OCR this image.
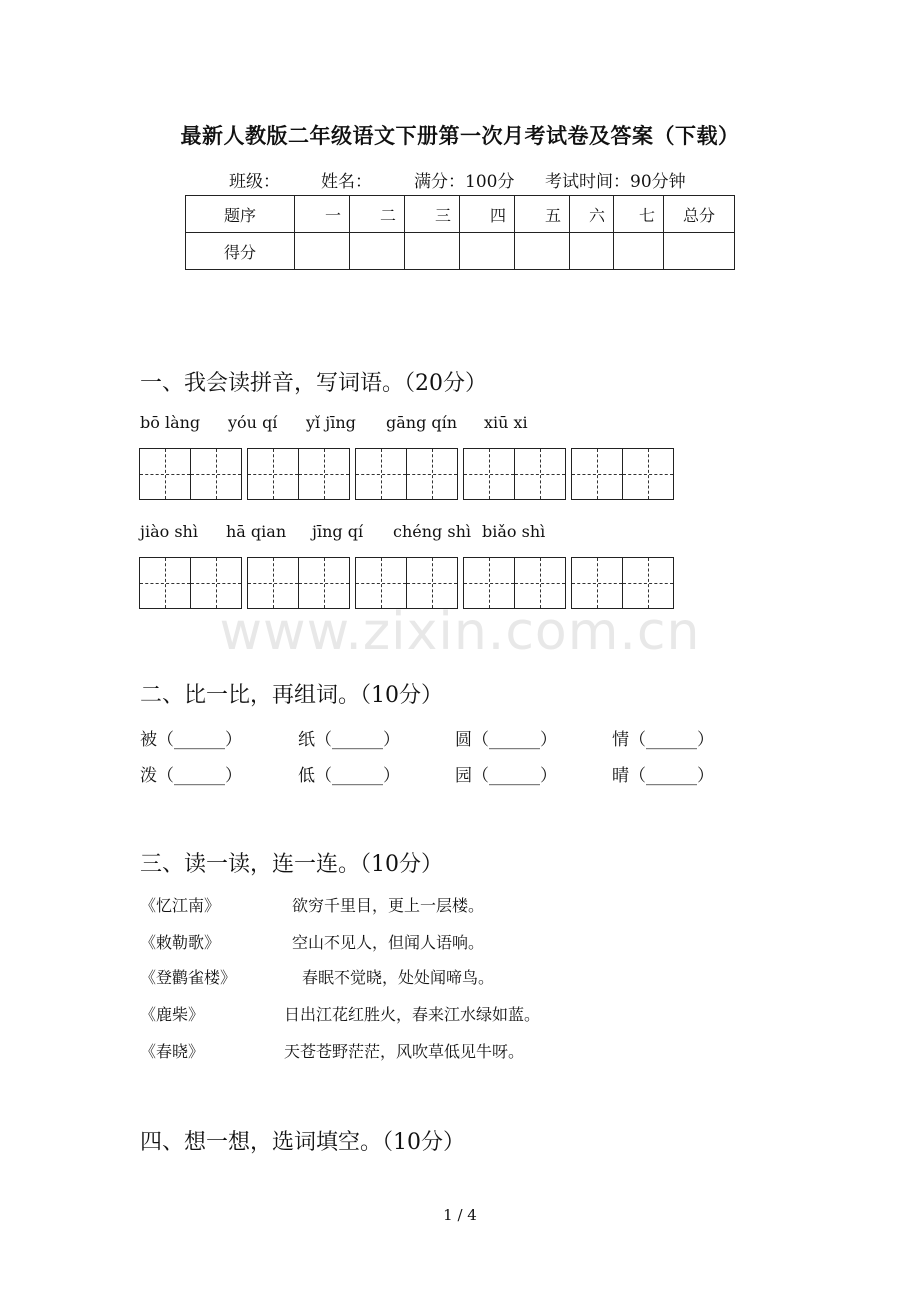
最新人教版二年级语文下册第一次月考试卷及答案（下载）
班级： 姓名： 满分：100分 考试时间：90分钟
题序	一	二	三	四	五	六	七	总分
得分								
一、我会读拼音，写词语。（20分）
bō làng yóu qí yǐ jīng gāng qín xiū xi
jiào shì hā qian jīng qí chéng shì biǎo shì
www.zixin.com.cn
二、比一比，再组词。（10分）
被（______）	纸（______）	圆（______）	情（______）
泼（______）	低（______）	园（______）	晴（______）
三、读一读，连一连。（10分）
《忆江南》
《敕勒歌》
《登鹳雀楼》
《鹿柴》
《春晓》
欲穷千里目，更上一层楼。
空山不见人，但闻人语响。
春眠不觉晓，处处闻啼鸟。
日出江花红胜火，春来江水绿如蓝。
天苍苍野茫茫，风吹草低见牛呀。
四、想一想，选词填空。（10分）
1 / 4
